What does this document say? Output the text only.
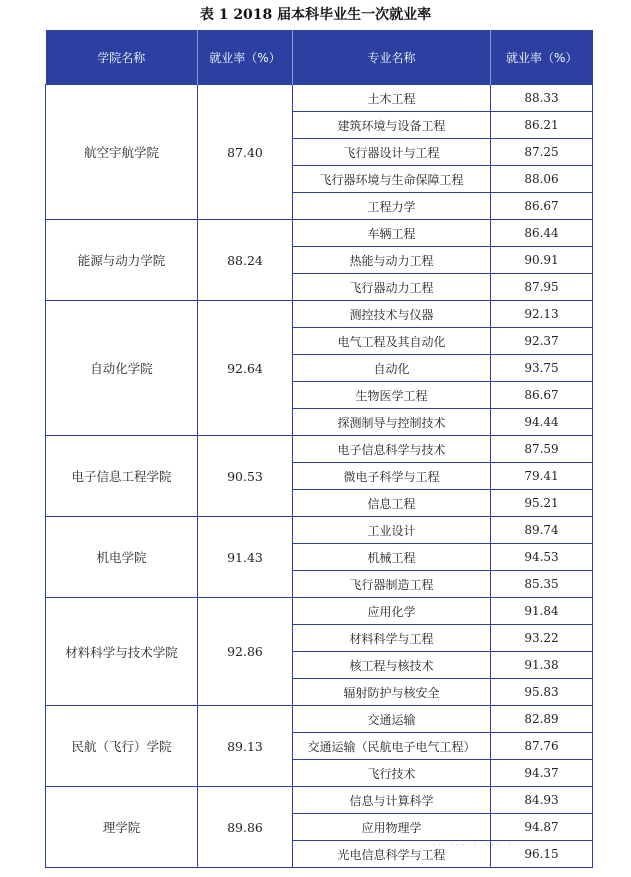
表 1 2018 届本科毕业生一次就业率
学院名称	就业率（%）	专业名称	就业率（%）
航空宇航学院	87.40	土木工程	88.33
		建筑环境与设备工程	86.21
		飞行器设计与工程	87.25
		飞行器环境与生命保障工程	88.06
		工程力学	86.67
能源与动力学院	88.24	车辆工程	86.44
		热能与动力工程	90.91
		飞行器动力工程	87.95
自动化学院	92.64	测控技术与仪器	92.13
		电气工程及其自动化	92.37
		自动化	93.75
		生物医学工程	86.67
		探测制导与控制技术	94.44
电子信息工程学院	90.53	电子信息科学与技术	87.59
		微电子科学与工程	79.41
		信息工程	95.21
机电学院	91.43	工业设计	89.74
		机械工程	94.53
		飞行器制造工程	85.35
材料科学与技术学院	92.86	应用化学	91.84
		材料科学与工程	93.22
		核工程与核技术	91.38
		辐射防护与核安全	95.83
民航（飞行）学院	89.13	交通运输	82.89
		交通运输（民航电子电气工程）	87.76
		飞行技术	94.37
理学院	89.86	信息与计算科学	84.93
		应用物理学	94.87
		光电信息科学与工程	96.15
·· ··· · ··· ·
